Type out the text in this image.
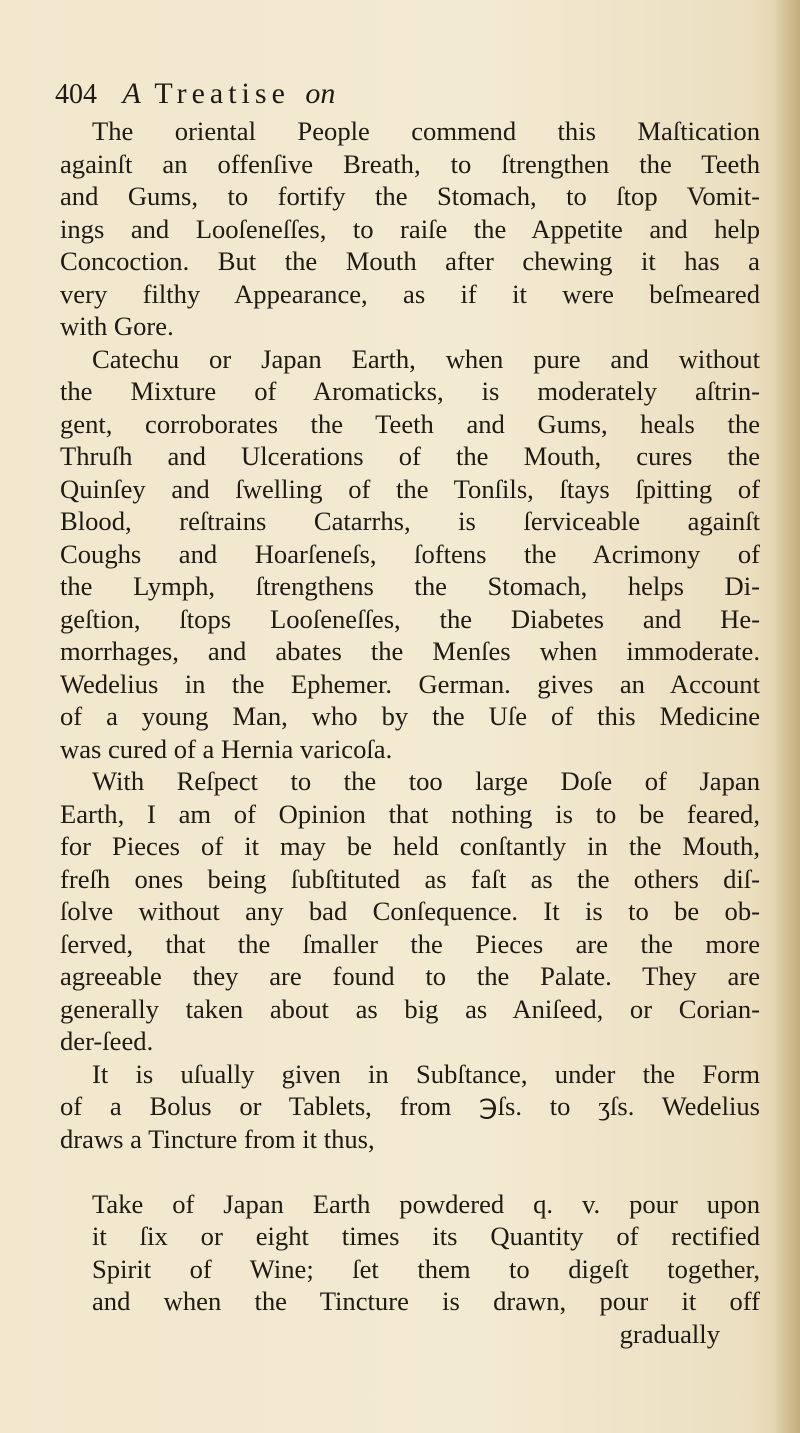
404 A Treatise on
The oriental People commend this Maſtication
againſt an offenſive Breath, to ſtrengthen the Teeth
and Gums, to fortify the Stomach, to ſtop Vomit-
ings and Looſeneſſes, to raiſe the Appetite and help
Concoction. But the Mouth after chewing it has a
very filthy Appearance, as if it were beſmeared
with Gore.
Catechu or Japan Earth, when pure and without
the Mixture of Aromaticks, is moderately aſtrin-
gent, corroborates the Teeth and Gums, heals the
Thruſh and Ulcerations of the Mouth, cures the
Quinſey and ſwelling of the Tonſils, ſtays ſpitting of
Blood, reſtrains Catarrhs, is ſerviceable againſt
Coughs and Hoarſeneſs, ſoftens the Acrimony of
the Lymph, ſtrengthens the Stomach, helps Di-
geſtion, ſtops Looſeneſſes, the Diabetes and He-
morrhages, and abates the Menſes when immoderate.
Wedelius in the Ephemer. German. gives an Account
of a young Man, who by the Uſe of this Medicine
was cured of a Hernia varicoſa.
With Reſpect to the too large Doſe of Japan
Earth, I am of Opinion that nothing is to be feared,
for Pieces of it may be held conſtantly in the Mouth,
freſh ones being ſubſtituted as faſt as the others diſ-
ſolve without any bad Conſequence. It is to be ob-
ſerved, that the ſmaller the Pieces are the more
agreeable they are found to the Palate. They are
generally taken about as big as Aniſeed, or Corian-
der-ſeed.
It is uſually given in Subſtance, under the Form
of a Bolus or Tablets, from ℈ſs. to ʒſs. Wedelius
draws a Tincture from it thus,
Take of Japan Earth powdered q. v. pour upon
it ſix or eight times its Quantity of rectified
Spirit of Wine; ſet them to digeſt together,
and when the Tincture is drawn, pour it off
gradually
